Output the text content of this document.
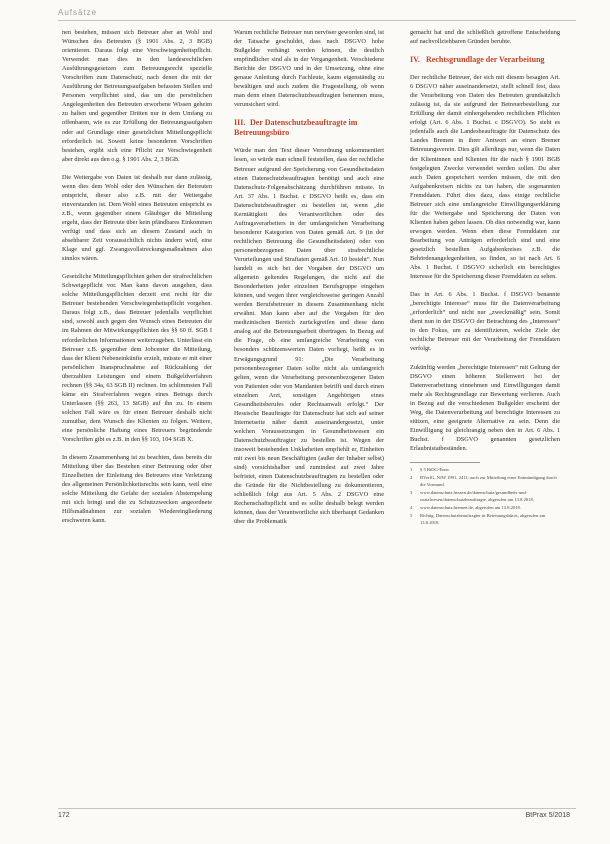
Aufsätze

nen bestehen, müssen sich Betreuer aber an Wohl und Wünschen des Betreuten (§ 1901 Abs. 2, 3 BGB) orientieren. Daraus folgt eine Verschwiegenheitspflicht. Verwendet man dies in den landesrechtlichen Ausführungsgesetzen zum Betreuungsrecht spezielle Vorschriften zum Datenschutz, nach denen die mit der Ausführung der Betreuungsaufgaben befassten Stellen und Personen verpflichtet sind, das um die persönlichen Angelegenheiten des Betreuten erworbene Wissen geheim zu halten und gegenüber Dritten nur in dem Umfang zu offenbaren, wie es zur Erfüllung der Betreuungsaufgaben oder auf Grundlage einer gesetzlichen Mitteilungspflicht erforderlich ist. Soweit keine besonderen Vorschriften bestehen, ergibt sich eine Pflicht zur Verschwiegenheit aber direkt aus den o.g. § 1901 Abs. 2, 3 BGB.

Die Weitergabe von Daten ist deshalb nur dann zulässig, wenn dies dem Wohl oder den Wünschen der Betreuten entspricht, dieser also z.B. mit der Weitergabe einverstanden ist. Dem Wohl eines Betreuten entspricht es z.B., wenn gegenüber einem Gläubiger die Mitteilung ergeht, dass der Betreute über kein pfändbares Einkommen verfügt und dass sich an diesem Zustand auch in absehbarer Zeit voraussichtlich nichts ändern wird, eine Klage und ggf. Zwangsvollstreckungsmaßnahmen also sinnlos wären.

Gesetzliche Mitteilungspflichten gehen der strafrechtlichen Schweigepflicht vor. Man kann davon ausgehen, dass solche Mitteilungspflichten derzeit erst recht für die Betreuer bestehenden Verschwiegenheitspflicht vorgehen. Daraus folgt z.B., dass Betreuer jedenfalls verpflichtet sind, sowohl auch gegen den Wunsch eines Betreuten die im Rahmen der Mitwirkungspflichten des §§ 60 ff. SGB I erforderlichen Informationen weiterzugeben. Unterlässt ein Betreuer z.B. gegenüber dem Jobcenter die Mitteilung, dass der Klient Nebeneinkünfte erzielt, müsste er mit einer persönlichen Inanspruchnahme auf Rückzahlung der überzahlten Leistungen und einem Bußgeldverfahren rechnen (§§ 34a, 63 SGB II) rechnen. Im schlimmsten Fall käme ein Strafverfahren wegen eines Betrugs durch Unterlassen (§§ 263, 13 StGB) auf ihn zu. In einem solchen Fall wäre es für einen Betreuer deshalb nicht zumutbar, dem Wunsch des Klienten zu folgen. Weitere, eine persönliche Haftung eines Betreuers begründende Vorschriften gibt es z.B. in den §§ 103, 104 SGB X.

In diesem Zusammenhang ist zu beachten, dass bereits die Mitteilung über das Bestehen einer Betreuung oder über Einzelheiten der Einleitung des Betreuers eine Verletzung des allgemeinen Persönlichkeitsrechts sein kann, weil eine solche Mitteilung die Gefahr der sozialen Abstempelung mit sich bringt und die zu Schutzzwecken angeordnete Hilfsmaßnahmen zur sozialen Wiedereingliederung erschweren kann.

Warum rechtliche Betreuer nun nervöser geworden sind, ist der Tatsache geschuldet, dass nach DSGVO hohe Bußgelder verhängt werden können, die deutlich empfindlicher sind als in der Vergangenheit. Verschiedene Berichte der DSGVO und in der Umsetzung, ohne eine genaue Anleitung durch Fachleute, kaum eigenständig zu bewältigen und auch zudem die Fragestellung, ob wenn man denn einen Datenschutzbeauftragten benennen muss, verunsichert wird.

III. Der Datenschutzbeauftragte im Betreuungsbüro

Würde man den Text dieser Verordnung unkommentiert lesen, so würde man schnell feststellen, dass der rechtliche Betreuer aufgrund der Speicherung von Gesundheitsdaten einen Datenschutzbeauftragten benötigt und auch eine Datenschutz-Folgenabschätzung durchführen müsste. In Art. 37 Abs. 1 Buchst. c DSGVO heißt es, dass ein Datenschutzbeauftragter zu bestellen ist, wenn „die Kerntätigkeit des Verantwortlichen oder des Auftragsverarbeiters in der umfangreichen Verarbeitung besonderer Kategorien von Daten gemäß Art. 9 (in der rechtlichen Betreuung die Gesundheitsdaten) oder von personenbezogenen Daten über strafrechtliche Verurteilungen und Straftaten gemäß Art. 10 besteht“. Nun handelt es sich bei der Vorgaben der DSGVO um allgemein geltendes Regelungen, die nicht auf die Besonderheiten jeder einzelnen Berufsgruppe eingehen können, und wegen ihrer vergleichsweise geringen Anzahl werden Berufsbetreuer in diesem Zusammenhang nicht erwähnt. Man kann aber auf die Vorgaben für den medizinischen Bereich zurückgreifen und diese dann analog auf die Betreuungsarbeit übertragen. In Bezug auf die Frage, ob eine umfangreiche Verarbeitung von besonders schützenswerten Daten vorliegt, heißt es in Erwägungsgrund 91: „Die Verarbeitung personenbezogener Daten sollte nicht als umfangreich gelten, wenn die Verarbeitung personenbezogener Daten von Patienten oder von Mandanten betrifft und durch einen einzelnen Arzt, sonstigen Angehörigen eines Gesundheitsberufes oder Rechtsanwalt erfolgt.“ Der Hessische Beauftragte für Datenschutz hat sich auf seiner Internetseite näher damit auseinandergesetzt, unter welchen Voraussetzungen in Gesundheitswesen ein Datenschutzbeauftragter zu bestellen ist. Wegen der insoweit bestehenden Unklarheiten empfiehlt er, Einheiten mit zwei bis neun Beschäftigten (außer der Inhaber selbst) sind) vorsichtshalber und zumindest auf zwei Jahre befristet, einen Datenschutzbeauftragten zu bestellen oder die Gründe für die Nichtbestellung zu dokumentieren, schließlich folgt aus Art. 5 Abs. 2 DSGVO eine Rechenschaftspflicht und es sollte deshalb belegt werden können, dass der Verantwortliche sich überhaupt Gedanken über die Problematik

gemacht hat und die schließlich getroffene Entscheidung auf nachvollziehbaren Gründen beruhte.

IV. Rechtsgrundlage der Verarbeitung

Der rechtliche Betreuer, der sich mit diesem besagten Art. 6 DSGVO näher auseinandersetzt, stellt schnell fest, dass die Verarbeitung von Daten des Betreuten grundsätzlich zulässig ist, da sie aufgrund der Betreuerbestellung zur Erfüllung der damit einhergehenden rechtlichen Pflichten erfolgt (Art. 6 Abs. 1 Buchst. c DSGVO). So sieht es jedenfalls auch die Landesbeauftragte für Datenschutz des Landes Bremen in ihrer Antwort an einen Bremer Betreuungsverein. Dies gilt allerdings nur, wenn die Daten der Klientinnen und Klienten für die nach § 1901 BGB festgelegten Zwecke verwendet werden sollen. Du aber auch Daten gespeichert werden müssen, die mit den Aufgabenkreisen nichts zu tun haben, die sogenannten Fremddaten. Führt dies dazu, dass einige rechtliche Betreuer sich eine umfangreiche Einwilligungserklärung für die Weitergabe und Speicherung der Daten von Klienten haben geben lassen. Ob dies notwendig war, kann erwogen werden. Wenn eben diese Fremddaten zur Bearbeitung von Anträgen erforderlich sind und eine gesetzlich bestellten Aufgabenkreises z.B. die Behördenangelegenheiten, so finden, so ist nach Art. 6 Abs. 1 Buchst. f DSGVO sicherlich ein berechtigtes Interesse für die Speicherung dieser Fremddaten zu sehen.

Das in Art. 6 Abs. 1 Buchst. f DSGVO benannte „berechtigte Interesse“ muss für die Datenverarbeitung „erforderlich“ und nicht nur „zweckmäßig“ sein. Somit dient nun in der DSGVO der Betrachtung des „Interesses“ in den Fokus, um zu identifizieren, welche Ziele der rechtliche Betreuer mit der Verarbeitung der Fremddaten verfolgt.

Zukünftig werden „berechtigte Interessen“ mit Geltung der DSGVO einen höheren Stellenwert bei der Datenverarbeitung einnehmen und Einwilligungen damit mehr als Rechtsgrundlage zur Bewertung verlieren. Auch in Bezug auf die verschiedenen Bußgelder erscheint der Weg, die Datenverarbeitung auf berechtigte Interessen zu stützen, eine geeignete Alternative zu sein. Denn die Einwilligung ist gleichrangig neben den in Art. 6 Abs. 1 Buchst. f DSGVO genannten gesetzlichen Erlaubnistatbeständen.

1	§ 5 BtOG-Entw.
2	BVerfG, NJW 1991, 2411; auch zur Mitteilung einer Entmündigung durch die Vormund.
3	www.datenschutz.hessen.de/datenschutz/gesundheits-und-sozialwesen/datenschutzbeauftragte, abgerufen am 13.8.2018.
4	www.datenschutz.bremen.de, abgerufen am 13.8.2018.
5	Richtig, Datenschutzbeauftragter in Betreuungsbüros, abgerufen am 13.8.2018.
172	BtPrax 5/2018
